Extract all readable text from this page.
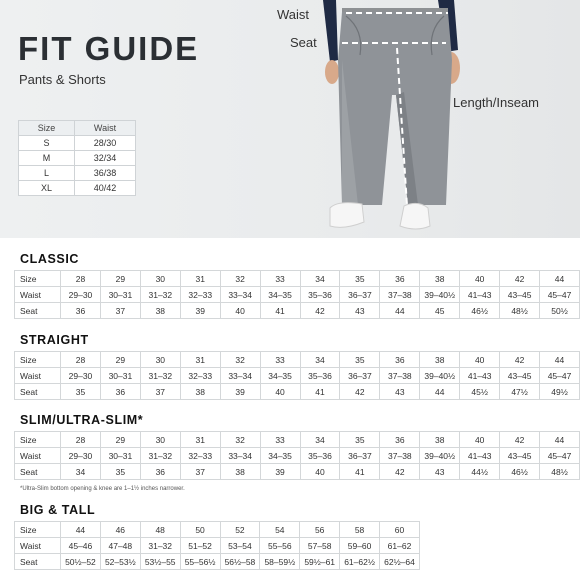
FIT GUIDE
Pants & Shorts
Size	Waist
S	28/30
M	32/34
L	36/38
XL	40/42
Waist
Seat
Length/Inseam
CLASSIC
Size	28	29	30	31	32	33	34	35	36	38	40	42	44
Waist	29–30	30–31	31–32	32–33	33–34	34–35	35–36	36–37	37–38	39–40½	41–43	43–45	45–47
Seat	36	37	38	39	40	41	42	43	44	45	46½	48½	50½
STRAIGHT
Size	28	29	30	31	32	33	34	35	36	38	40	42	44
Waist	29–30	30–31	31–32	32–33	33–34	34–35	35–36	36–37	37–38	39–40½	41–43	43–45	45–47
Seat	35	36	37	38	39	40	41	42	43	44	45½	47½	49½
SLIM/ULTRA-SLIM*
Size	28	29	30	31	32	33	34	35	36	38	40	42	44
Waist	29–30	30–31	31–32	32–33	33–34	34–35	35–36	36–37	37–38	39–40½	41–43	43–45	45–47
Seat	34	35	36	37	38	39	40	41	42	43	44½	46½	48½
*Ultra-Slim bottom opening & knee are 1–1½ inches narrower.
BIG & TALL
Size	44	46	48	50	52	54	56	58	60
Waist	45–46	47–48	31–32	51–52	53–54	55–56	57–58	59–60	61–62
Seat	50½–52	52–53½	53½–55	55–56½	56½–58	58–59½	59½–61	61–62½	62½–64
